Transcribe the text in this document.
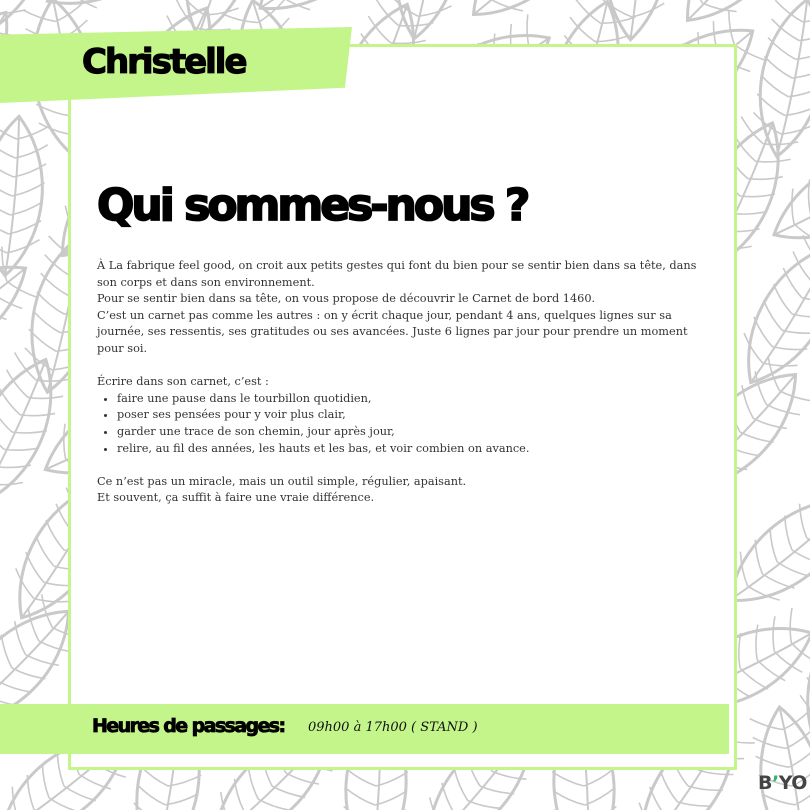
Christelle
Qui sommes-nous ?

À La fabrique feel good, on croit aux petits gestes qui font du bien pour se sentir bien dans sa tête, dans son corps et dans son environnement.

Pour se sentir bien dans sa tête, on vous propose de découvrir le Carnet de bord 1460.

C’est un carnet pas comme les autres : on y écrit chaque jour, pendant 4 ans, quelques lignes sur sa journée, ses ressentis, ses gratitudes ou ses avancées. Juste 6 lignes par jour pour prendre un moment pour soi.

Écrire dans son carnet, c’est :

• faire une pause dans le tourbillon quotidien,
• poser ses pensées pour y voir plus clair,
• garder une trace de son chemin, jour après jour,
• relire, au fil des années, les hauts et les bas, et voir combien on avance.

Ce n’est pas un miracle, mais un outil simple, régulier, apaisant.

Et souvent, ça suffit à faire une vraie différence.

Heures de passages: 09h00 à 17h00 ( STAND )
B’YO
